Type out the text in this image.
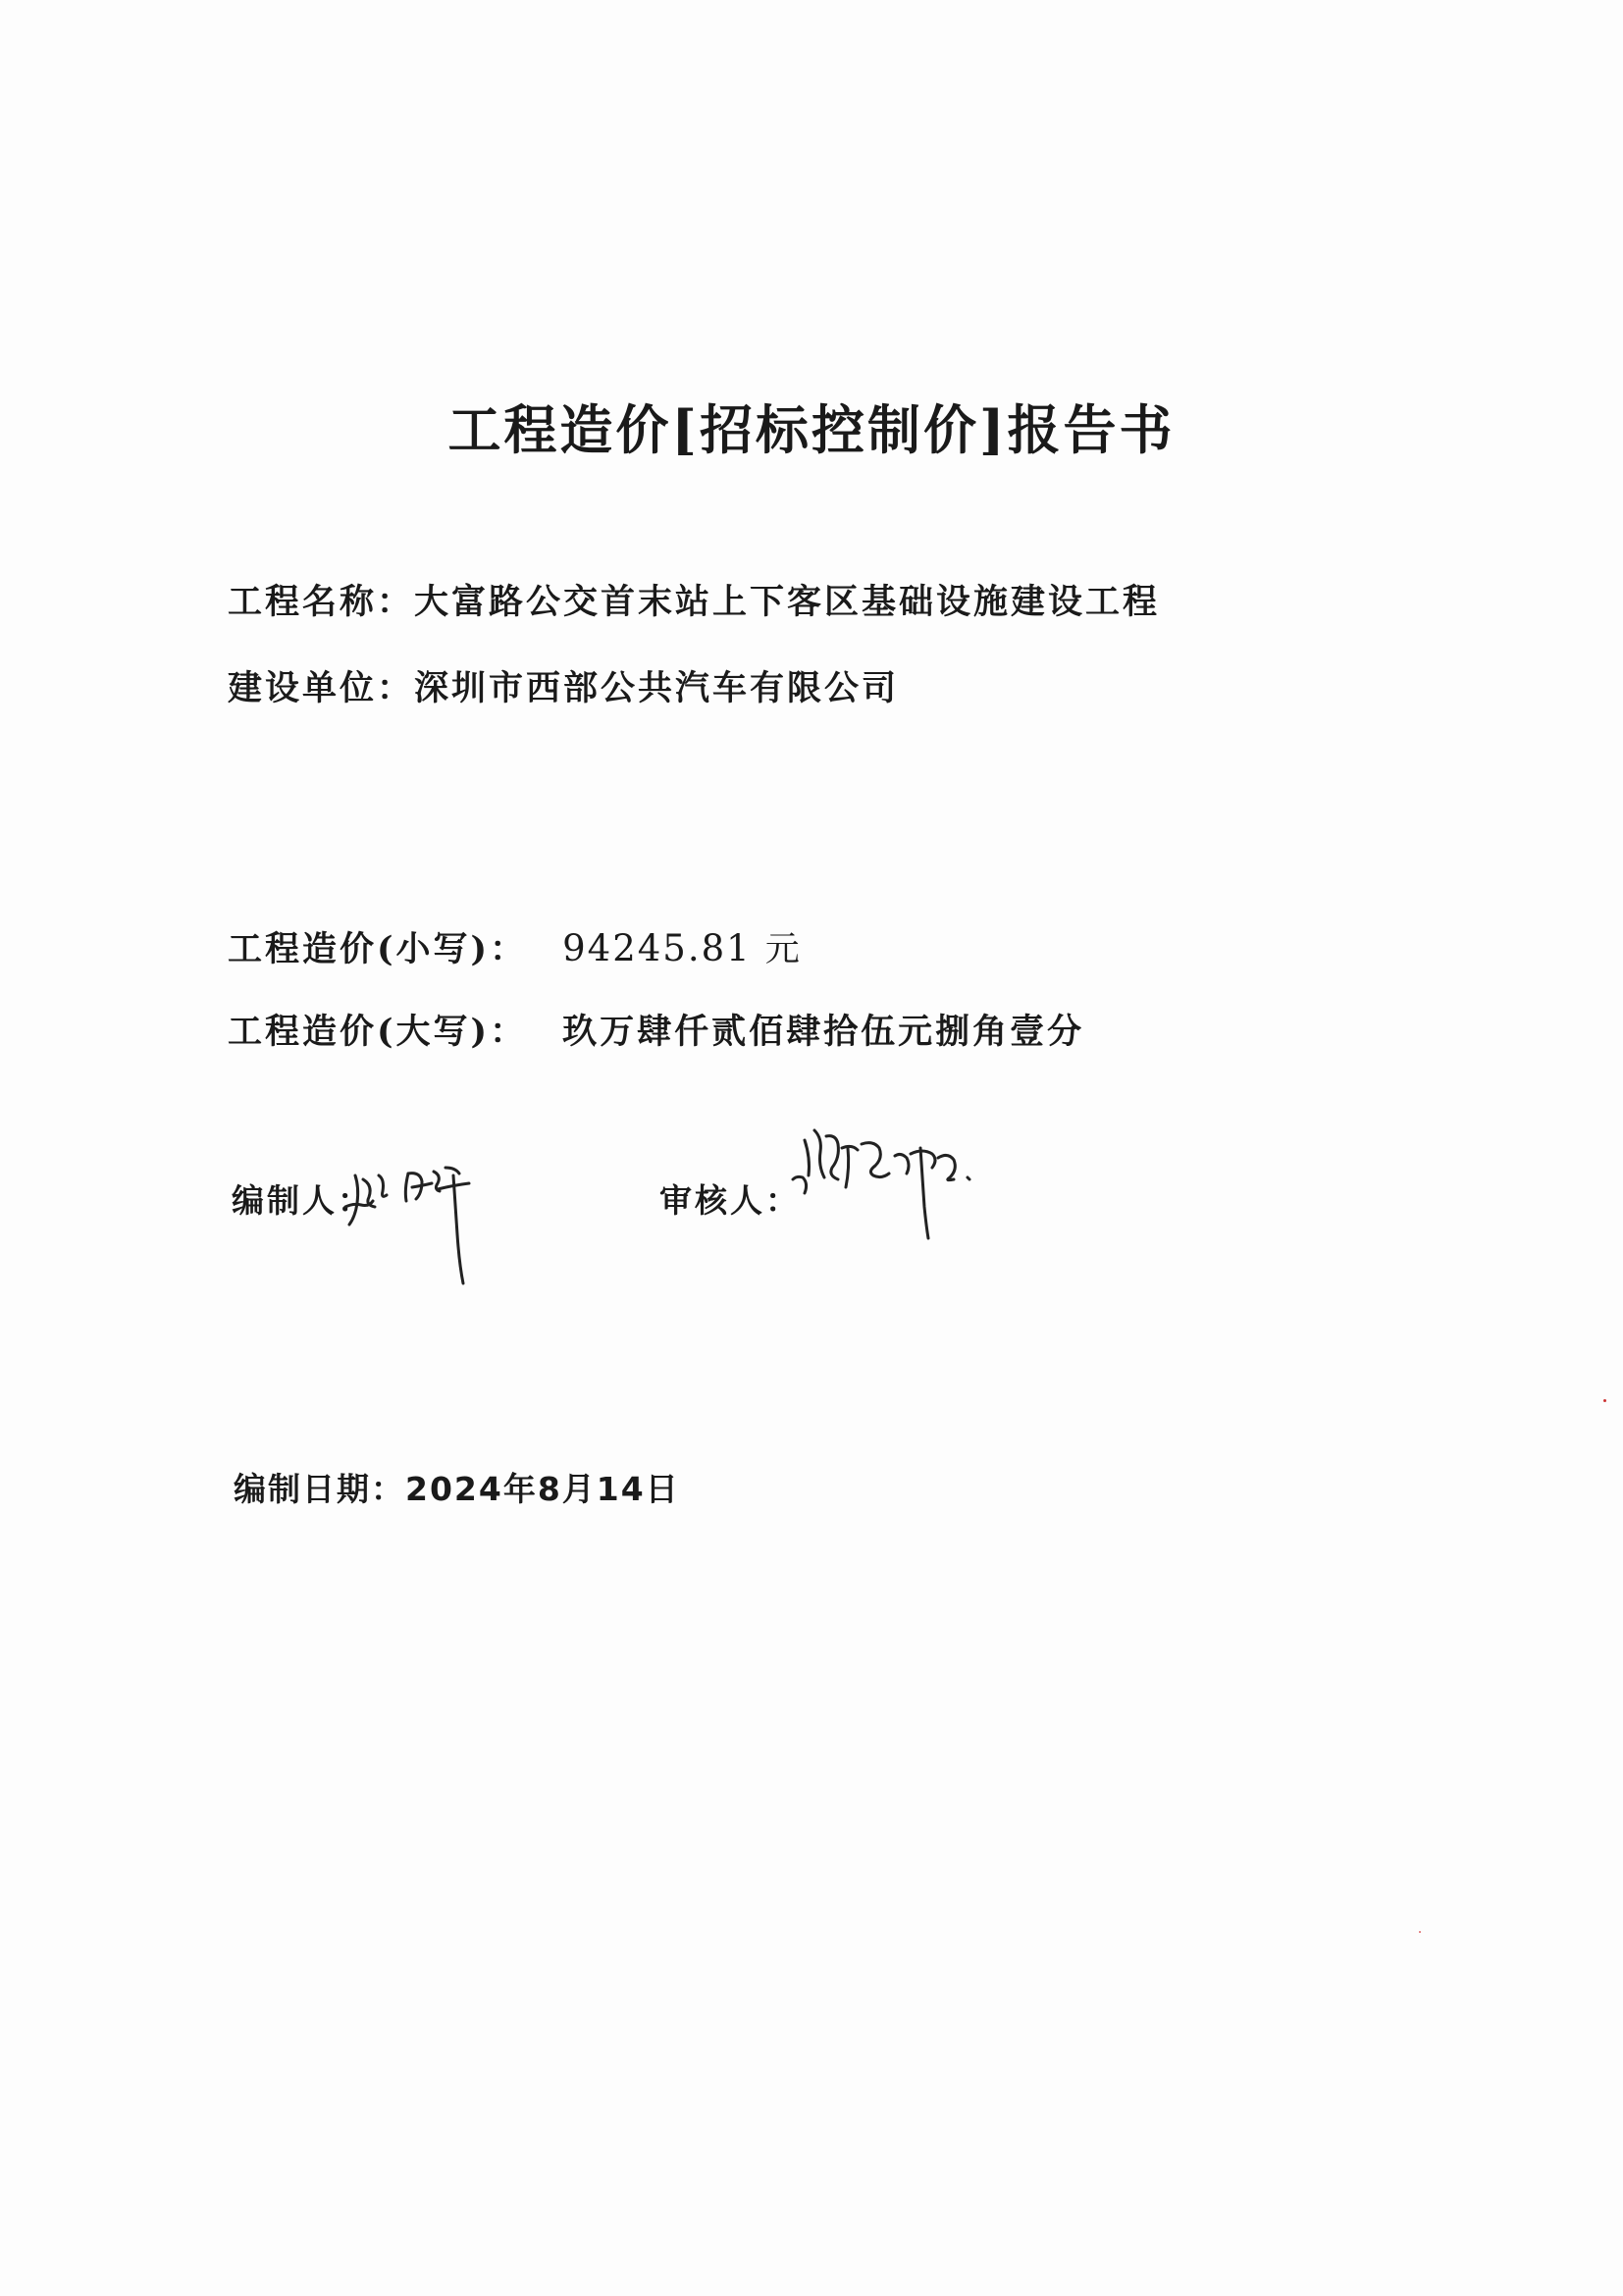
工程造价[招标控制价]报告书
工程名称：大富路公交首末站上下客区基础设施建设工程
建设单位：深圳市西部公共汽车有限公司
工程造价(小写)： 94245.81 元
工程造价(大写)： 玖万肆仟贰佰肆拾伍元捌角壹分
编制人：	审核人：
编制日期：2024年8月14日
